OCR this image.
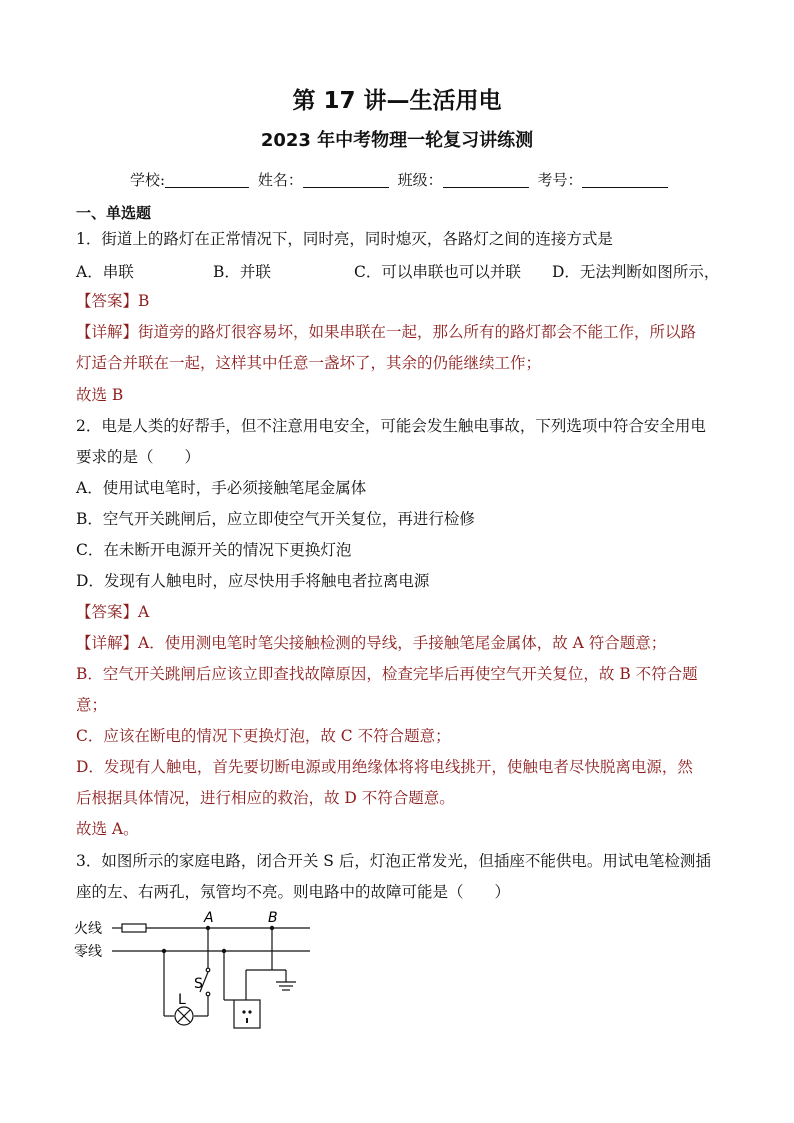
第 17 讲—生活用电
2023 年中考物理一轮复习讲练测
学校:	姓名：	班级：	考号：
一、单选题
1．街道上的路灯在正常情况下，同时亮，同时熄灭，各路灯之间的连接方式是
A．串联	B．并联	C．可以串联也可以并联 D．无法判断如图所示，
【答案】B
【详解】街道旁的路灯很容易坏，如果串联在一起，那么所有的路灯都会不能工作，所以路
灯适合并联在一起，这样其中任意一盏坏了，其余的仍能继续工作；
故选 B
2．电是人类的好帮手，但不注意用电安全，可能会发生触电事故，下列选项中符合安全用电
要求的是（　　）
A．使用试电笔时，手必须接触笔尾金属体
B．空气开关跳闸后，应立即使空气开关复位，再进行检修
C．在未断开电源开关的情况下更换灯泡
D．发现有人触电时，应尽快用手将触电者拉离电源
【答案】A
【详解】A．使用测电笔时笔尖接触检测的导线，手接触笔尾金属体，故 A 符合题意；
B．空气开关跳闸后应该立即查找故障原因，检查完毕后再使空气开关复位，故 B 不符合题
意；
C．应该在断电的情况下更换灯泡，故 C 不符合题意；
D．发现有人触电，首先要切断电源或用绝缘体将将电线挑开，使触电者尽快脱离电源，然
后根据具体情况，进行相应的救治，故 D 不符合题意。
故选 A。
3．如图所示的家庭电路，闭合开关 S 后，灯泡正常发光，但插座不能供电。用试电笔检测插
座的左、右两孔，氖管均不亮。则电路中的故障可能是（　　）
火线
零线
A	B
S
L
